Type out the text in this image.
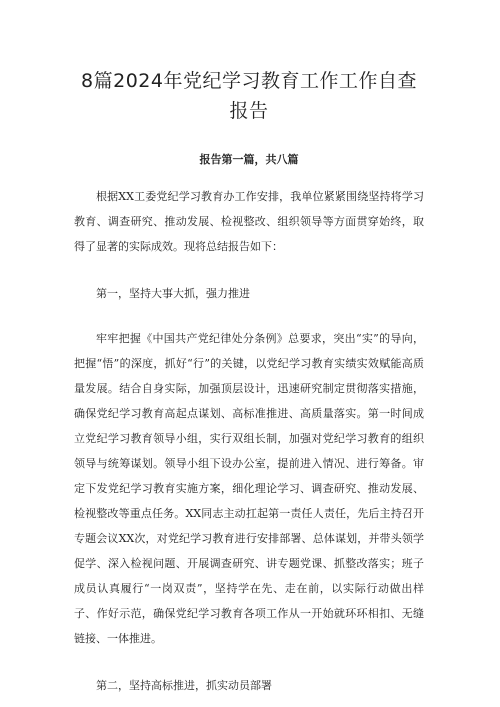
8篇2024年党纪学习教育工作工作自查报告
报告第一篇，共八篇

根据XX工委党纪学习教育办工作安排，我单位紧紧围绕坚持将学习教育、调查研究、推动发展、检视整改、组织领导等方面贯穿始终，取得了显著的实际成效。现将总结报告如下：

第一，坚持大事大抓，强力推进

牢牢把握《中国共产党纪律处分条例》总要求，突出“实”的导向，把握“悟”的深度，抓好“行”的关键，以党纪学习教育实绩实效赋能高质量发展。结合自身实际，加强顶层设计，迅速研究制定贯彻落实措施，确保党纪学习教育高起点谋划、高标准推进、高质量落实。第一时间成立党纪学习教育领导小组，实行双组长制，加强对党纪学习教育的组织领导与统筹谋划。领导小组下设办公室，提前进入情况、进行筹备。审定下发党纪学习教育实施方案，细化理论学习、调查研究、推动发展、检视整改等重点任务。XX同志主动扛起第一责任人责任，先后主持召开专题会议XX次，对党纪学习教育进行安排部署、总体谋划，并带头领学促学、深入检视问题、开展调查研究、讲专题党课、抓整改落实；班子成员认真履行“一岗双责”，坚持学在先、走在前，以实际行动做出样子、作好示范，确保党纪学习教育各项工作从一开始就环环相扣、无缝链接、一体推进。

第二，坚持高标推进，抓实动员部署
